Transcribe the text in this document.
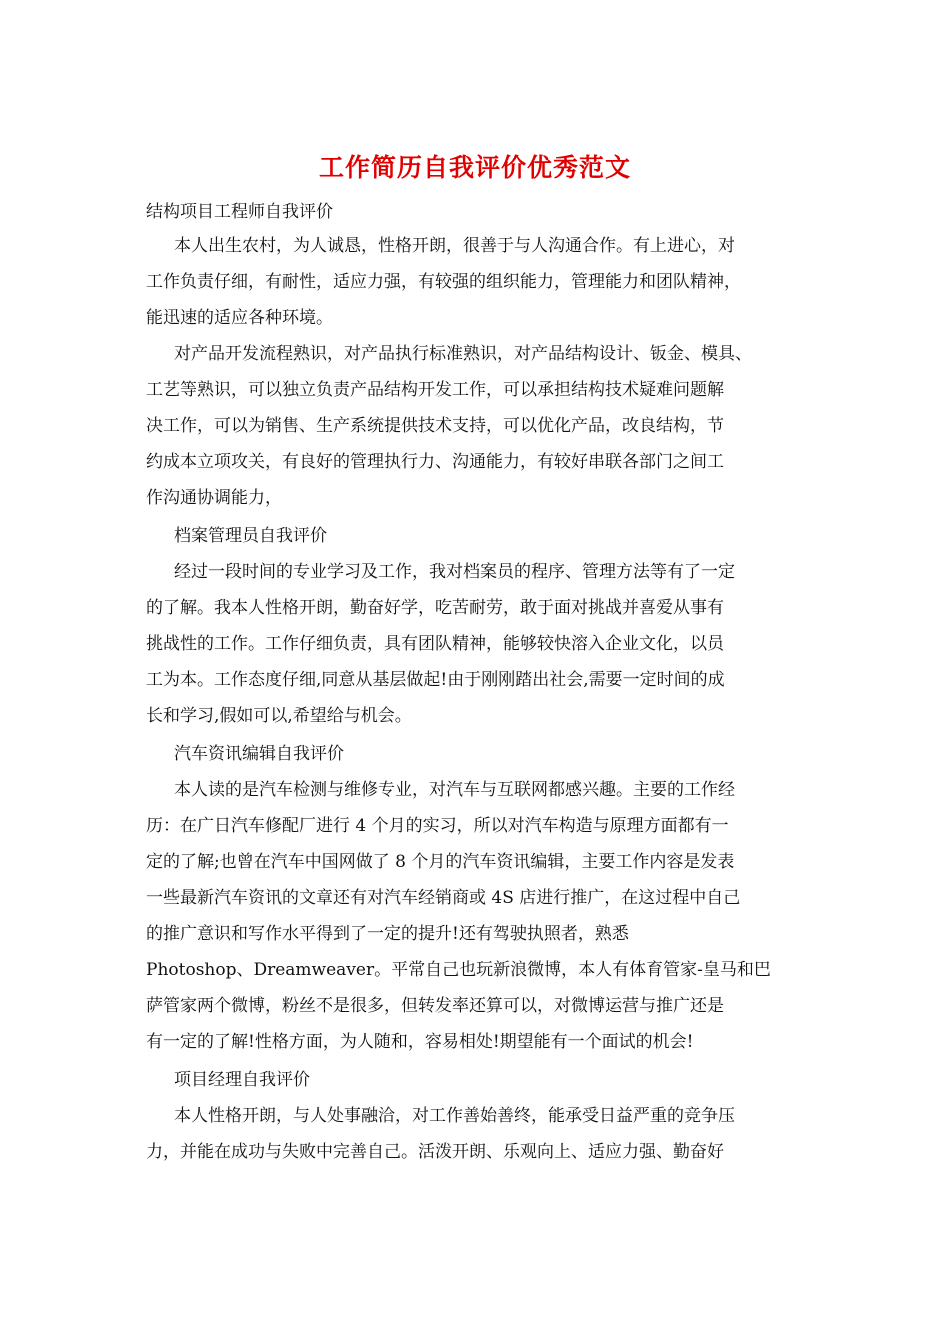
工作简历自我评价优秀范文
结构项目工程师自我评价
本人出生农村，为人诚恳，性格开朗，很善于与人沟通合作。有上进心，对
工作负责仔细，有耐性，适应力强，有较强的组织能力，管理能力和团队精神，
能迅速的适应各种环境。
对产品开发流程熟识，对产品执行标准熟识，对产品结构设计、钣金、模具、
工艺等熟识，可以独立负责产品结构开发工作，可以承担结构技术疑难问题解
决工作，可以为销售、生产系统提供技术支持，可以优化产品，改良结构，节
约成本立项攻关，有良好的管理执行力、沟通能力，有较好串联各部门之间工
作沟通协调能力，
档案管理员自我评价
经过一段时间的专业学习及工作，我对档案员的程序、管理方法等有了一定
的了解。我本人性格开朗，勤奋好学，吃苦耐劳，敢于面对挑战并喜爱从事有
挑战性的工作。工作仔细负责，具有团队精神，能够较快溶入企业文化，以员
工为本。工作态度仔细,同意从基层做起!由于刚刚踏出社会,需要一定时间的成
长和学习,假如可以,希望给与机会。
汽车资讯编辑自我评价
本人读的是汽车检测与维修专业，对汽车与互联网都感兴趣。主要的工作经
历：在广日汽车修配厂进行 4 个月的实习，所以对汽车构造与原理方面都有一
定的了解;也曾在汽车中国网做了 8 个月的汽车资讯编辑，主要工作内容是发表
一些最新汽车资讯的文章还有对汽车经销商或 4S 店进行推广，在这过程中自己
的推广意识和写作水平得到了一定的提升!还有驾驶执照者，熟悉
Photoshop、Dreamweaver。平常自己也玩新浪微博，本人有体育管家-皇马和巴
萨管家两个微博，粉丝不是很多，但转发率还算可以，对微博运营与推广还是
有一定的了解!性格方面，为人随和，容易相处!期望能有一个面试的机会!
项目经理自我评价
本人性格开朗，与人处事融洽，对工作善始善终，能承受日益严重的竞争压
力，并能在成功与失败中完善自己。活泼开朗、乐观向上、适应力强、勤奋好
